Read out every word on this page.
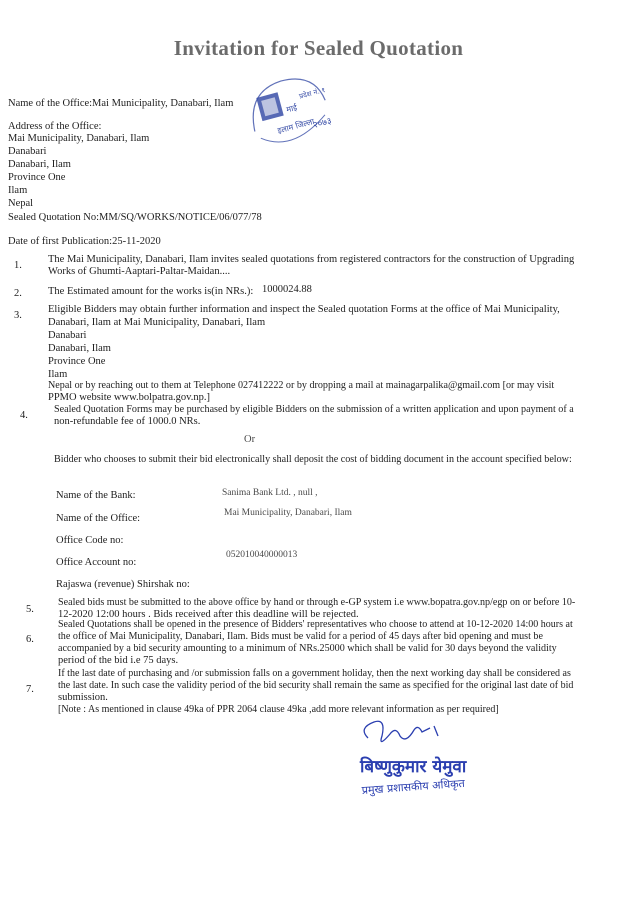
Invitation for Sealed Quotation
माई
इलाम जिल्ला
२०७३
प्रदेश नं. १
Name of the Office:Mai Municipality, Danabari, Ilam
Address of the Office:
Mai Municipality, Danabari, Ilam
Danabari
Danabari, Ilam
Province One
Ilam
Nepal
Sealed Quotation No:MM/SQ/WORKS/NOTICE/06/077/78
Date of first Publication:25-11-2020
1.
The Mai Municipality, Danabari, Ilam invites sealed quotations from registered contractors for the construction of Upgrading
Works of Ghumti-Aaptari-Paltar-Maidan....
2. The Estimated amount for the works is(in NRs.): 1000024.88
3.
Eligible Bidders may obtain further information and inspect the Sealed quotation Forms at the office of Mai Municipality,
Danabari, Ilam at Mai Municipality, Danabari, Ilam
Danabari
Danabari, Ilam
Province One
Ilam
Nepal or by reaching out to them at Telephone 027412222 or by dropping a mail at mainagarpalika@gmail.com [or may visit
PPMO website www.bolpatra.gov.np.]
4.
Sealed Quotation Forms may be purchased by eligible Bidders on the submission of a written application and upon payment of a
non-refundable fee of 1000.0 NRs.
Or
Bidder who chooses to submit their bid electronically shall deposit the cost of bidding document in the account specified below:
Name of the Bank:	Sanima Bank Ltd. , null ,
Name of the Office:	Mai Municipality, Danabari, Ilam
Office Code no:
Office Account no:
052010040000013
Rajaswa (revenue) Shirshak no:
5.
Sealed bids must be submitted to the above office by hand or through e-GP system i.e www.bopatra.gov.np/egp on or before 10-
12-2020 12:00 hours . Bids received after this deadline will be rejected.
6.
Sealed Quotations shall be opened in the presence of Bidders' representatives who choose to attend at 10-12-2020 14:00 hours at
the office of Mai Municipality, Danabari, Ilam. Bids must be valid for a period of 45 days after bid opening and must be
accompanied by a bid security amounting to a minimum of NRs.25000 which shall be valid for 30 days beyond the validity
period of the bid i.e 75 days.
7.
If the last date of purchasing and /or submission falls on a government holiday, then the next working day shall be considered as
the last date. In such case the validity period of the bid security shall remain the same as specified for the original last date of bid
submission.
[Note : As mentioned in clause 49ka of PPR 2064 clause 49ka ,add more relevant information as per required]
बिष्णुकुमार येमुवा
प्रमुख प्रशासकीय अधिकृत
